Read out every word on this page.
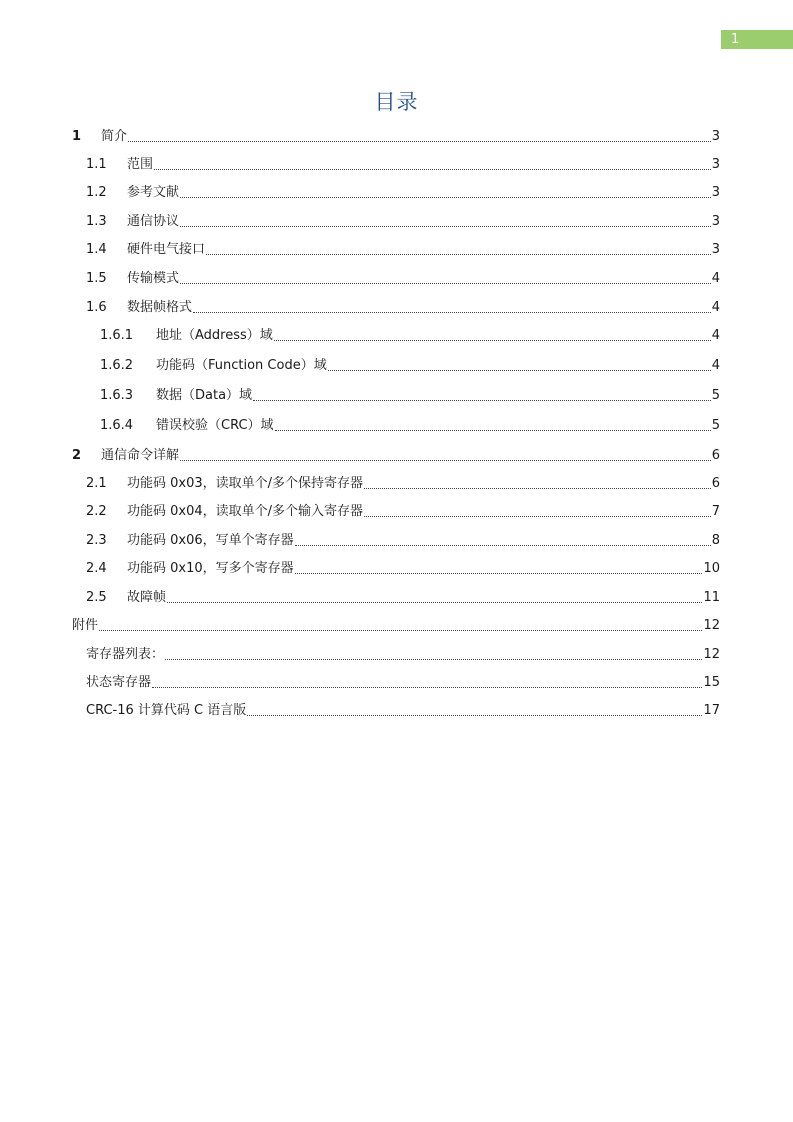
1
目录
1	简介	3
1.1	范围	3
1.2	参考文献	3
1.3	通信协议	3
1.4	硬件电气接口	3
1.5	传输模式	4
1.6	数据帧格式	4
1.6.1	地址（Address）域	4
1.6.2	功能码（Function Code）域	4
1.6.3	数据（Data）域	5
1.6.4	错误校验（CRC）域	5
2	通信命令详解	6
2.1	功能码 0x03，读取单个/多个保持寄存器	6
2.2	功能码 0x04，读取单个/多个输入寄存器	7
2.3	功能码 0x06，写单个寄存器	8
2.4	功能码 0x10，写多个寄存器	10
2.5	故障帧	11
附件	12
寄存器列表：	12
状态寄存器	15
CRC-16 计算代码 C 语言版	17
